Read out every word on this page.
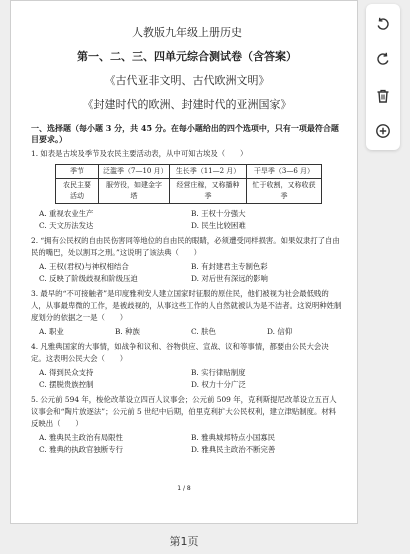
人教版九年级上册历史

第一、二、三、四单元综合测试卷（含答案）

《古代亚非文明、古代欧洲文明》

《封建时代的欧洲、封建时代的亚洲国家》

一、选择题（每小题 3 分，共 45 分。在每小题给出的四个选项中，只有一项最符合题目要求。）

1. 如表是古埃及季节及农民主要活动表，从中可知古埃及（　　）

季节	泛滥季（7—10 月）	生长季（11—2 月）	干旱季（3—6 月）
农民主要活动	服劳役，如建金字塔	经营庄稼，又称播种季	忙于收割，又称收获季
A. 重视农业生产	B. 王权十分强大
C. 天文历法发达	D. 民生比较困难

2. “拥有公民权的自由民伤害同等地位的自由民的眼睛，必须遭受同样损害。如果奴隶打了自由民的嘴巴，处以割耳之刑。”这说明了该法典（　　）

A. 王权(君权)与神权相结合	B. 有封建君主专制色彩
C. 反映了阶级歧视和阶级压迫	D. 对后世有深远的影响

3. 最早的“不可接触者”是印度雅利安人建立国家时征服的原住民，他们被视为社会最低贱的人，从事最卑微的工作，是被歧视的，从事这些工作的人自然就被认为是不洁者。这说明种姓制度划分的依据之一是（　　）

A. 职业	B. 种族	C. 肤色	D. 信仰

4. 凡雅典国家的大事情，如战争和议和、谷物供应、宣战、议和等事情，都要由公民大会决定。这表明公民大会（　　）

A. 得到民众支持	B. 实行律贴制度
C. 摆脱贵族控制	D. 权力十分广泛

5. 公元前 594 年，梭伦改革设立四百人议事会；公元前 509 年，克利斯提尼改革设立五百人议事会和“陶片放逐法”；公元前 5 世纪中后期，伯里克利扩大公民权利，建立津贴制度。材料反映出（　　）

A. 雅典民主政治有局限性	B. 雅典城邦特点小国寡民
C. 雅典的执政官独断专行	D. 雅典民主政治不断完善
1 / 8
第1页
